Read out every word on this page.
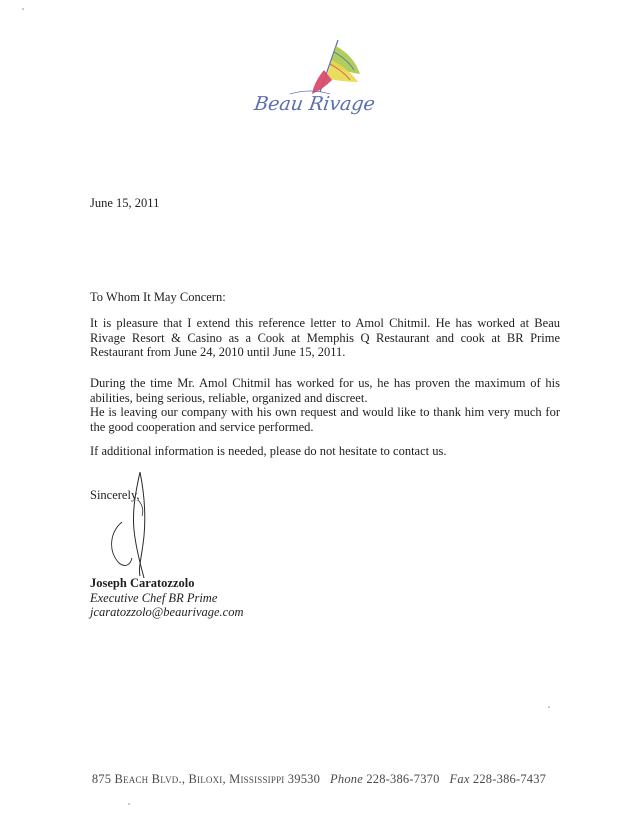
Beau Rivage
June 15, 2011
To Whom It May Concern:

It is pleasure that I extend this reference letter to Amol Chitmil. He has worked at Beau Rivage Resort & Casino as a Cook at Memphis Q Restaurant and cook at BR Prime Restaurant from June 24, 2010 until June 15, 2011.

During the time Mr. Amol Chitmil has worked for us, he has proven the maximum of his abilities, being serious, reliable, organized and discreet.
He is leaving our company with his own request and would like to thank him very much for the good cooperation and service performed.

If additional information is needed, please do not hesitate to contact us.

Sincerely,
Joseph Caratozzolo
Executive Chef BR Prime
jcaratozzolo@beaurivage.com
875 Beach Blvd., Biloxi, Mississippi 39530 Phone 228-386-7370 Fax 228-386-7437
